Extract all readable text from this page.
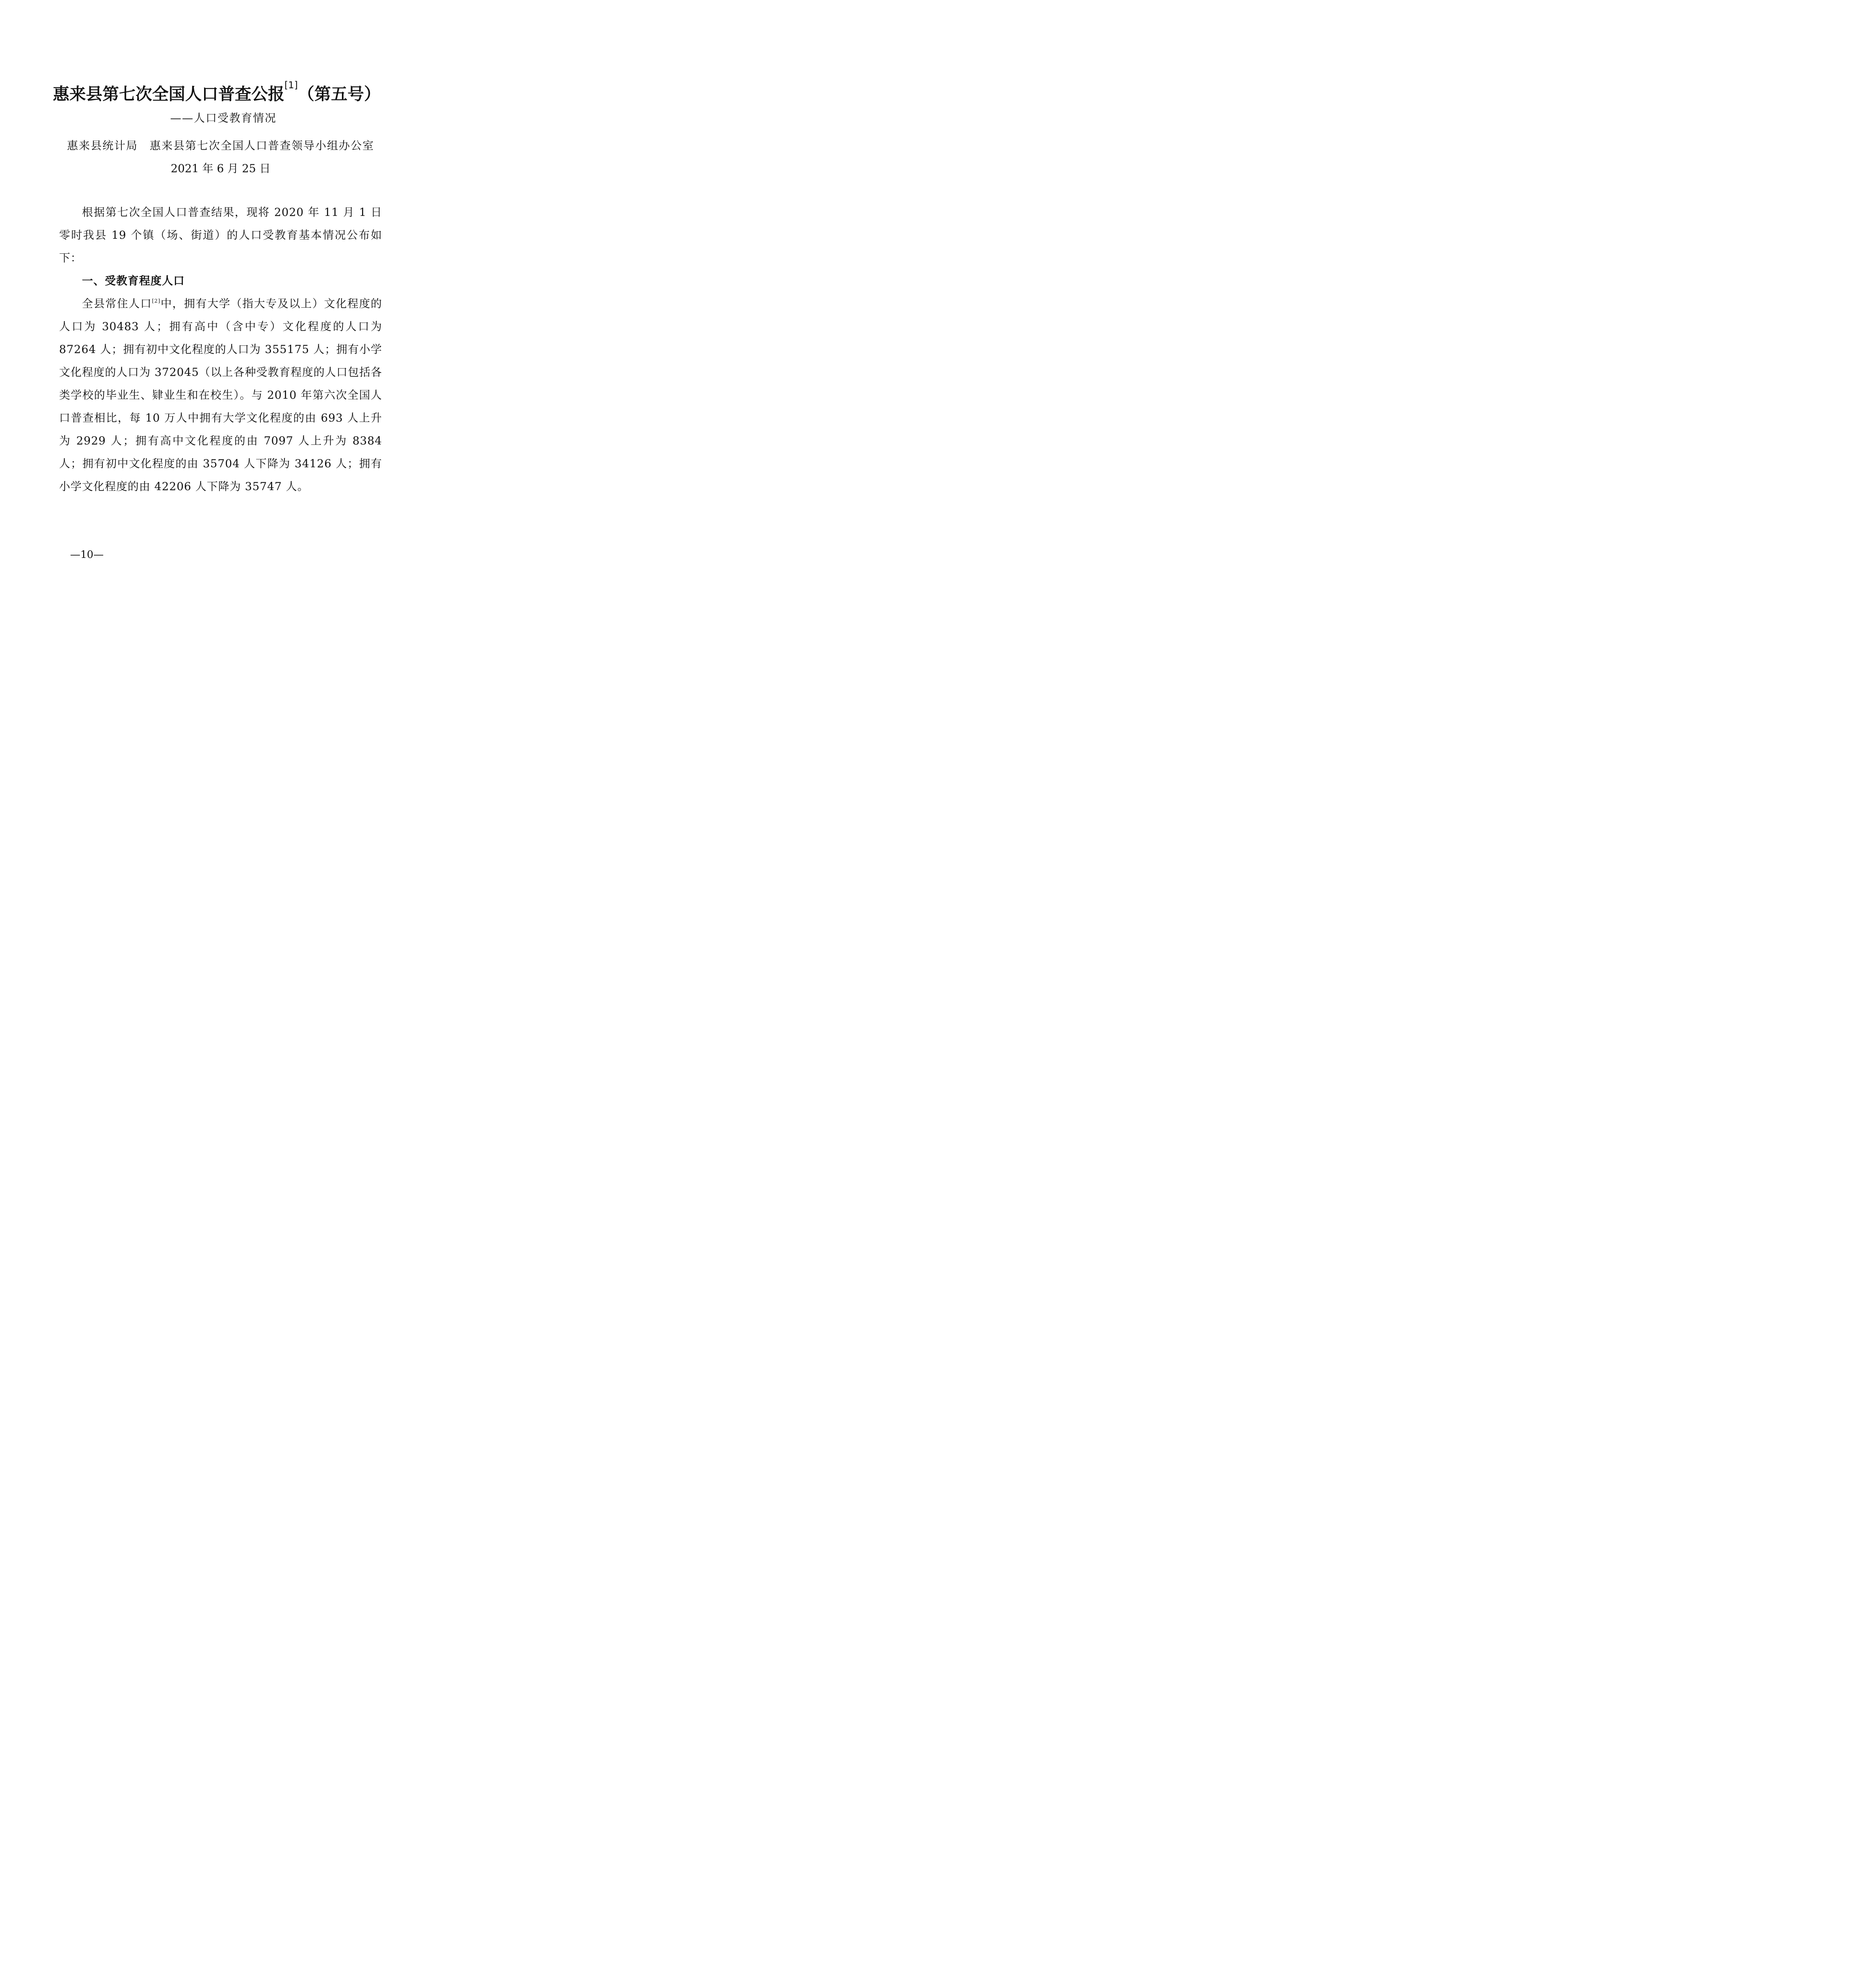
惠来县第七次全国人口普查公报[1]（第五号）
——人口受教育情况
惠来县统计局 惠来县第七次全国人口普查领导小组办公室
2021 年 6 月 25 日

根据第七次全国人口普查结果，现将 2020 年 11 月 1 日零时我县 19 个镇（场、街道）的人口受教育基本情况公布如下：

一、受教育程度人口

全县常住人口[2]中，拥有大学（指大专及以上）文化程度的人口为 30483 人；拥有高中（含中专）文化程度的人口为 87264 人；拥有初中文化程度的人口为 355175 人；拥有小学文化程度的人口为 372045（以上各种受教育程度的人口包括各类学校的毕业生、肄业生和在校生）。与 2010 年第六次全国人口普查相比，每 10 万人中拥有大学文化程度的由 693 人上升为 2929 人；拥有高中文化程度的由 7097 人上升为 8384 人；拥有初中文化程度的由 35704 人下降为 34126 人；拥有小学文化程度的由 42206 人下降为 35747 人。

—10—
